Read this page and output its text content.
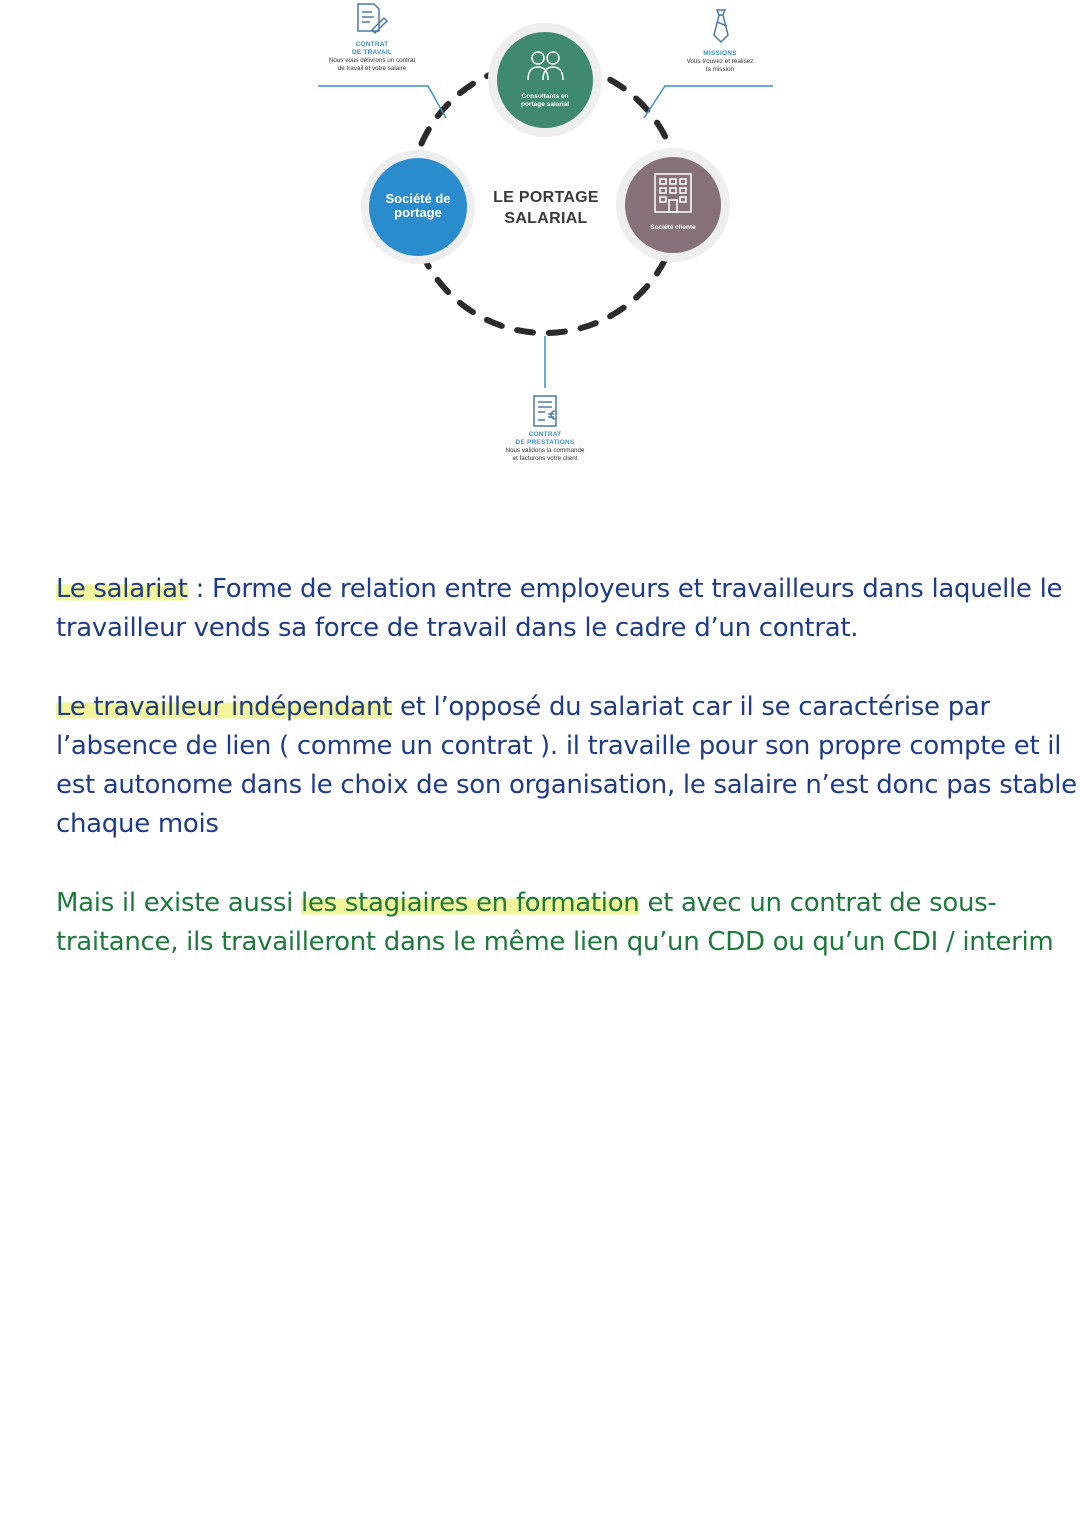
Consultants en
portage salarial
Société de
portage
Société cliente
LE PORTAGE
SALARIAL
CONTRAT
DE TRAVAIL
Nous vous délivrons un contrat
de travail et votre salaire
MISSIONS
Vous trouvez et réalisez
la mission
CONTRAT
DE PRESTATIONS
Nous validons la commande
et facturons votre client

Le salariat : Forme de relation entre employeurs et travailleurs dans laquelle le
travailleur vends sa force de travail dans le cadre d’un contrat.

Le travailleur indépendant et l’opposé du salariat car il se caractérise par
l’absence de lien ( comme un contrat ). il travaille pour son propre compte et il
est autonome dans le choix de son organisation, le salaire n’est donc pas stable
chaque mois

Mais il existe aussi les stagiaires en formation et avec un contrat de sous-
traitance, ils travailleront dans le même lien qu’un CDD ou qu’un CDI / interim
